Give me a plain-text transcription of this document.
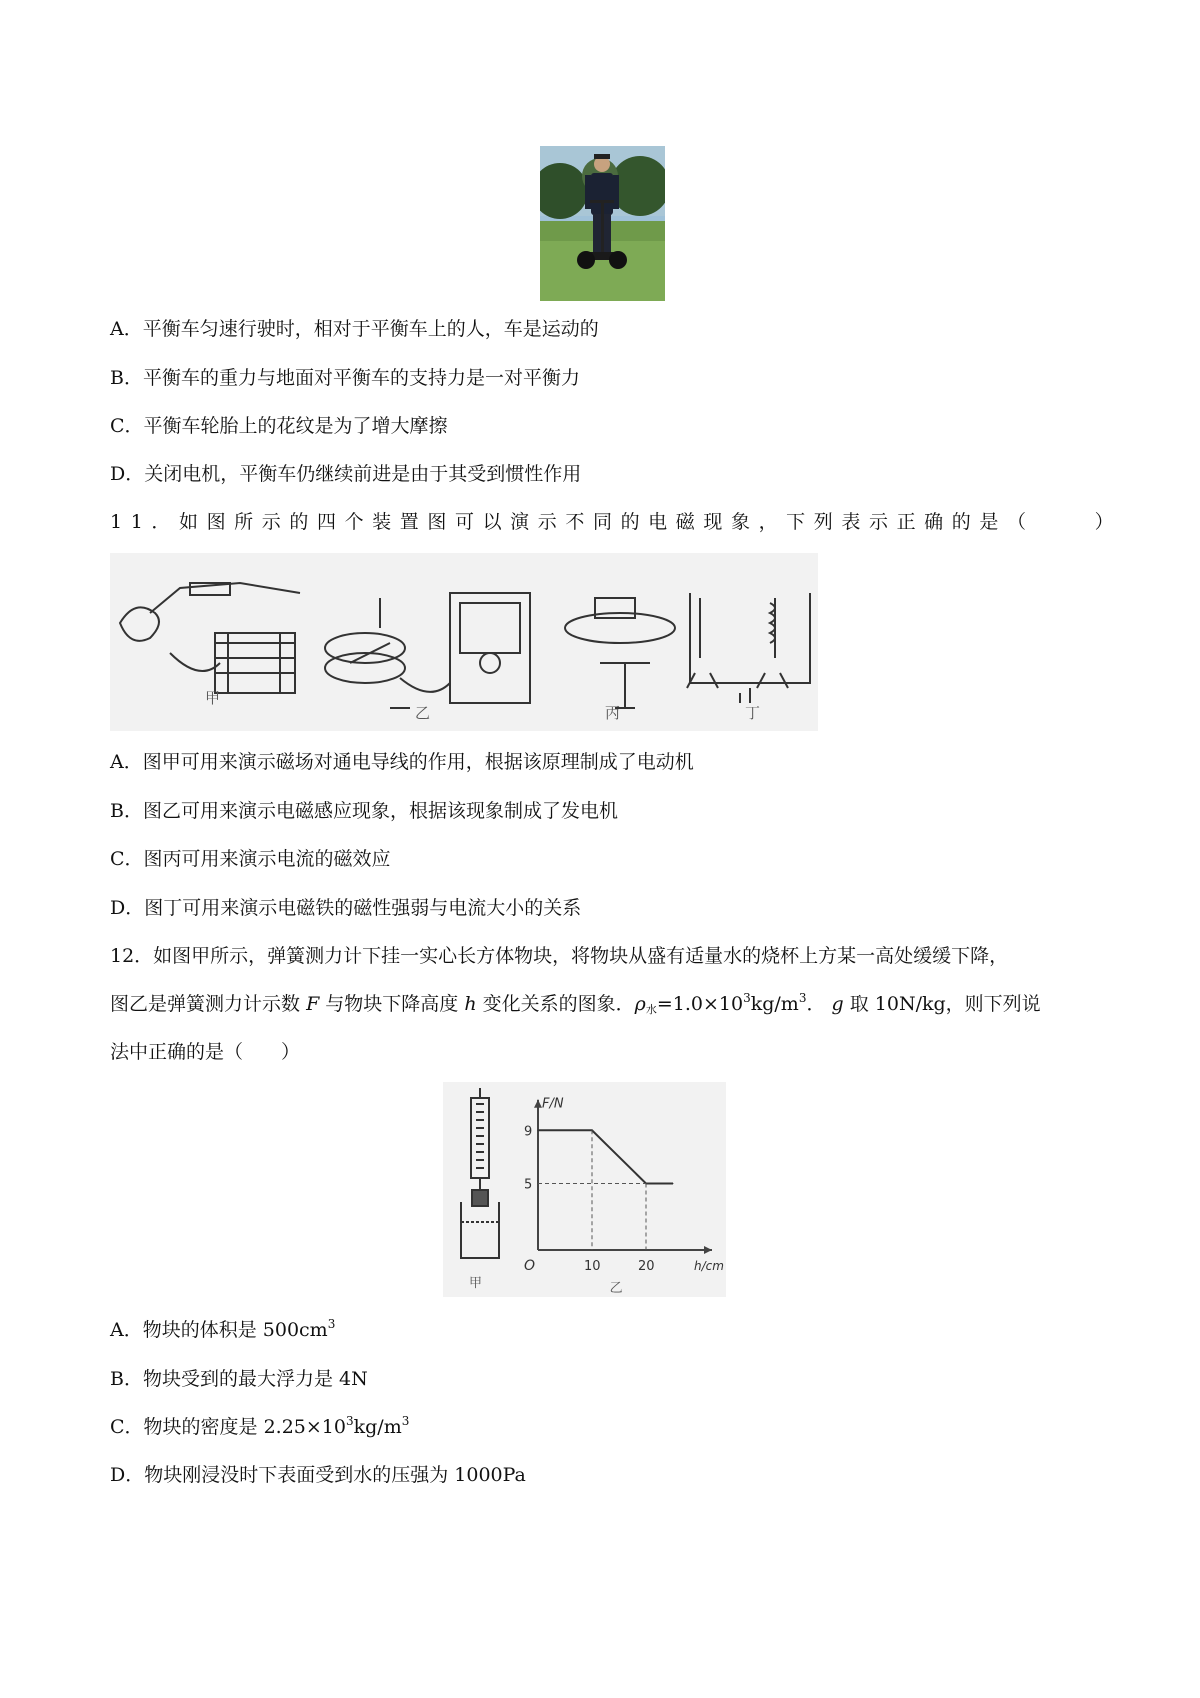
A．平衡车匀速行驶时，相对于平衡车上的人，车是运动的
B．平衡车的重力与地面对平衡车的支持力是一对平衡力
C．平衡车轮胎上的花纹是为了增大摩擦
D．关闭电机，平衡车仍继续前进是由于其受到惯性作用
11．如图所示的四个装置图可以演示不同的电磁现象，下列表示正确的是（	）
甲
乙	丙	丁
A．图甲可用来演示磁场对通电导线的作用，根据该原理制成了电动机
B．图乙可用来演示电磁感应现象，根据该现象制成了发电机
C．图丙可用来演示电流的磁效应
D．图丁可用来演示电磁铁的磁性强弱与电流大小的关系
12．如图甲所示，弹簧测力计下挂一实心长方体物块，将物块从盛有适量水的烧杯上方某一高处缓缓下降，
图乙是弹簧测力计示数 F 与物块下降高度 h 变化关系的图象．$\rho_水=1.0\times 10^3kg/m^3$． g 取 10N/kg，则下列说
法中正确的是（　　）
甲
F/N
h/cm
O
9
5
10	20
乙
A．物块的体积是 $500cm^3$
B．物块受到的最大浮力是 4N
C．物块的密度是 $2.25\times 10^3kg/m^3$
D．物块刚浸没时下表面受到水的压强为 1000Pa
